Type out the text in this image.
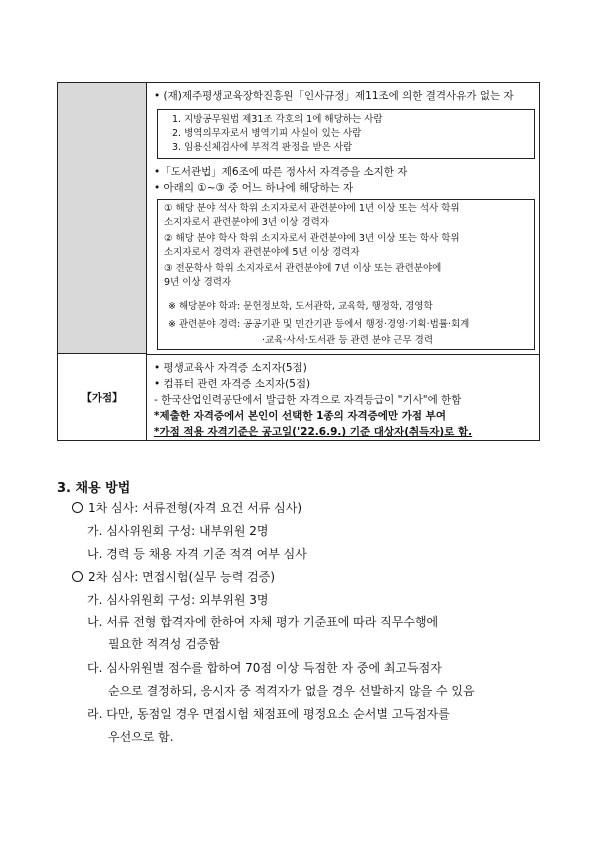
【가점】
• (재)제주평생교육장학진흥원「인사규정」제11조에 의한 결격사유가 없는 자
1. 지방공무원법 제31조 각호의 1에 해당하는 사람
2. 병역의무자로서 병역기피 사실이 있는 사람
3. 임용신체검사에 부적격 판정을 받은 사람
•「도서관법」제6조에 따른 정사서 자격증을 소지한 자
• 아래의 ①~③ 중 어느 하나에 해당하는 자
① 해당 분야 석사 학위 소지자로서 관련분야에 1년 이상 또는 석사 학위
소지자로서 관련분야에 3년 이상 경력자
② 해당 분야 학사 학위 소지자로서 관련분야에 3년 이상 또는 학사 학위
소지자로서 경력자 관련분야에 5년 이상 경력자
③ 전문학사 학위 소지자로서 관련분야에 7년 이상 또는 관련분야에
9년 이상 경력자
※ 해당분야 학과: 문헌정보학, 도서관학, 교육학, 행정학, 경영학
※ 관련분야 경력: 공공기관 및 민간기관 등에서 행정·경영·기획·법률·회계
·교육·사서·도서관 등 관련 분야 근무 경력
• 평생교육사 자격증 소지자(5점)
• 컴퓨터 관련 자격증 소지자(5점)
- 한국산업인력공단에서 발급한 자격으로 자격등급이 "기사"에 한함
*제출한 자격증에서 본인이 선택한 1종의 자격증에만 가점 부여
*가점 적용 자격기준은 공고일('22.6.9.) 기준 대상자(취득자)로 함.
3. 채용 방법
1차 심사: 서류전형(자격 요건 서류 심사)
가. 심사위원회 구성: 내부위원 2명
나. 경력 등 채용 자격 기준 적격 여부 심사
2차 심사: 면접시험(실무 능력 검증)
가. 심사위원회 구성: 외부위원 3명
나. 서류 전형 합격자에 한하여 자체 평가 기준표에 따라 직무수행에
필요한 적격성 검증함
다. 심사위원별 점수를 합하여 70점 이상 득점한 자 중에 최고득점자
순으로 결정하되, 응시자 중 적격자가 없을 경우 선발하지 않을 수 있음
라. 다만, 동점일 경우 면접시험 채점표에 평정요소 순서별 고득점자를
우선으로 함.
